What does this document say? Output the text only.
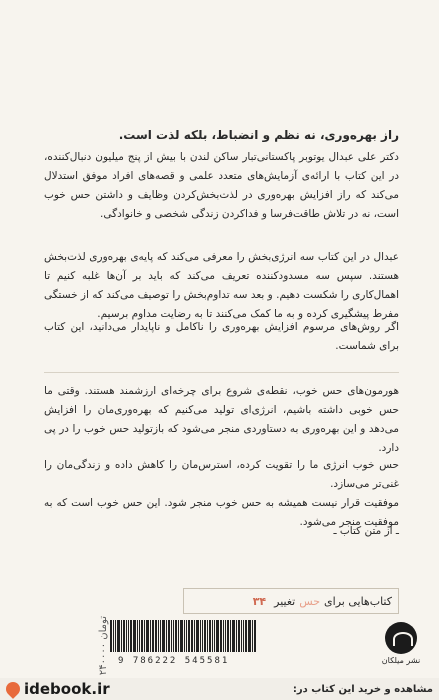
راز بهره‌وری، نه نظم و انضباط، بلکه لذت است.
دکتر علی عبدال یوتوبر پاکستانی‌تبار ساکن لندن با بیش از پنج میلیون دنبال‌کننده، در این کتاب با ارائه‌ی آزمایش‌های متعدد علمی و قصه‌های افراد موفق استدلال می‌کند که راز افزایش بهره‌وری در لذت‌بخش‌کردن وظایف و داشتن حس خوب است، نه در تلاش طاقت‌فرسا و فداکردن زندگی شخصی و خانوادگی.
عبدال در این کتاب سه انرژی‌بخش را معرفی می‌کند که پایه‌ی بهره‌وری لذت‌بخش هستند. سپس سه مسدودکننده تعریف می‌کند که باید بر آن‌ها غلبه کنیم تا اهمال‌کاری را شکست دهیم. و بعد سه تداوم‌بخش را توصیف می‌کند که از خستگی مفرط پیشگیری کرده و به ما کمک می‌کنند تا به رضایت مداوم برسیم.
اگر روش‌های مرسوم افزایش بهره‌وری را ناکامل و ناپایدار می‌دانید، این کتاب برای شماست.
هورمون‌های حس خوب، نقطه‌ی شروع برای چرخه‌ای ارزشمند هستند. وقتی ما حس خوبی داشته باشیم، انرژی‌ای تولید می‌کنیم که بهره‌وری‌مان را افزایش می‌دهد و این بهره‌وری به دستاوردی منجر می‌شود که بازتولید حس خوب را در پی دارد.
حس خوب انرژی ما را تقویت کرده، استرس‌مان را کاهش داده و زندگی‌مان را غنی‌تر می‌سازد.
موفقیت قرار نیست همیشه به حس خوب منجر شود. این حس خوب است که به موفقیت منجر می‌شود.
ـ از متن کتاب ـ
کتاب‌هایی برای
حس
تغییر
۳۴
۲۴۰۰۰۰ تومان
9 786222 545581	نشر میلکان
idebook.ir	مشاهده و خرید این کتاب در:
